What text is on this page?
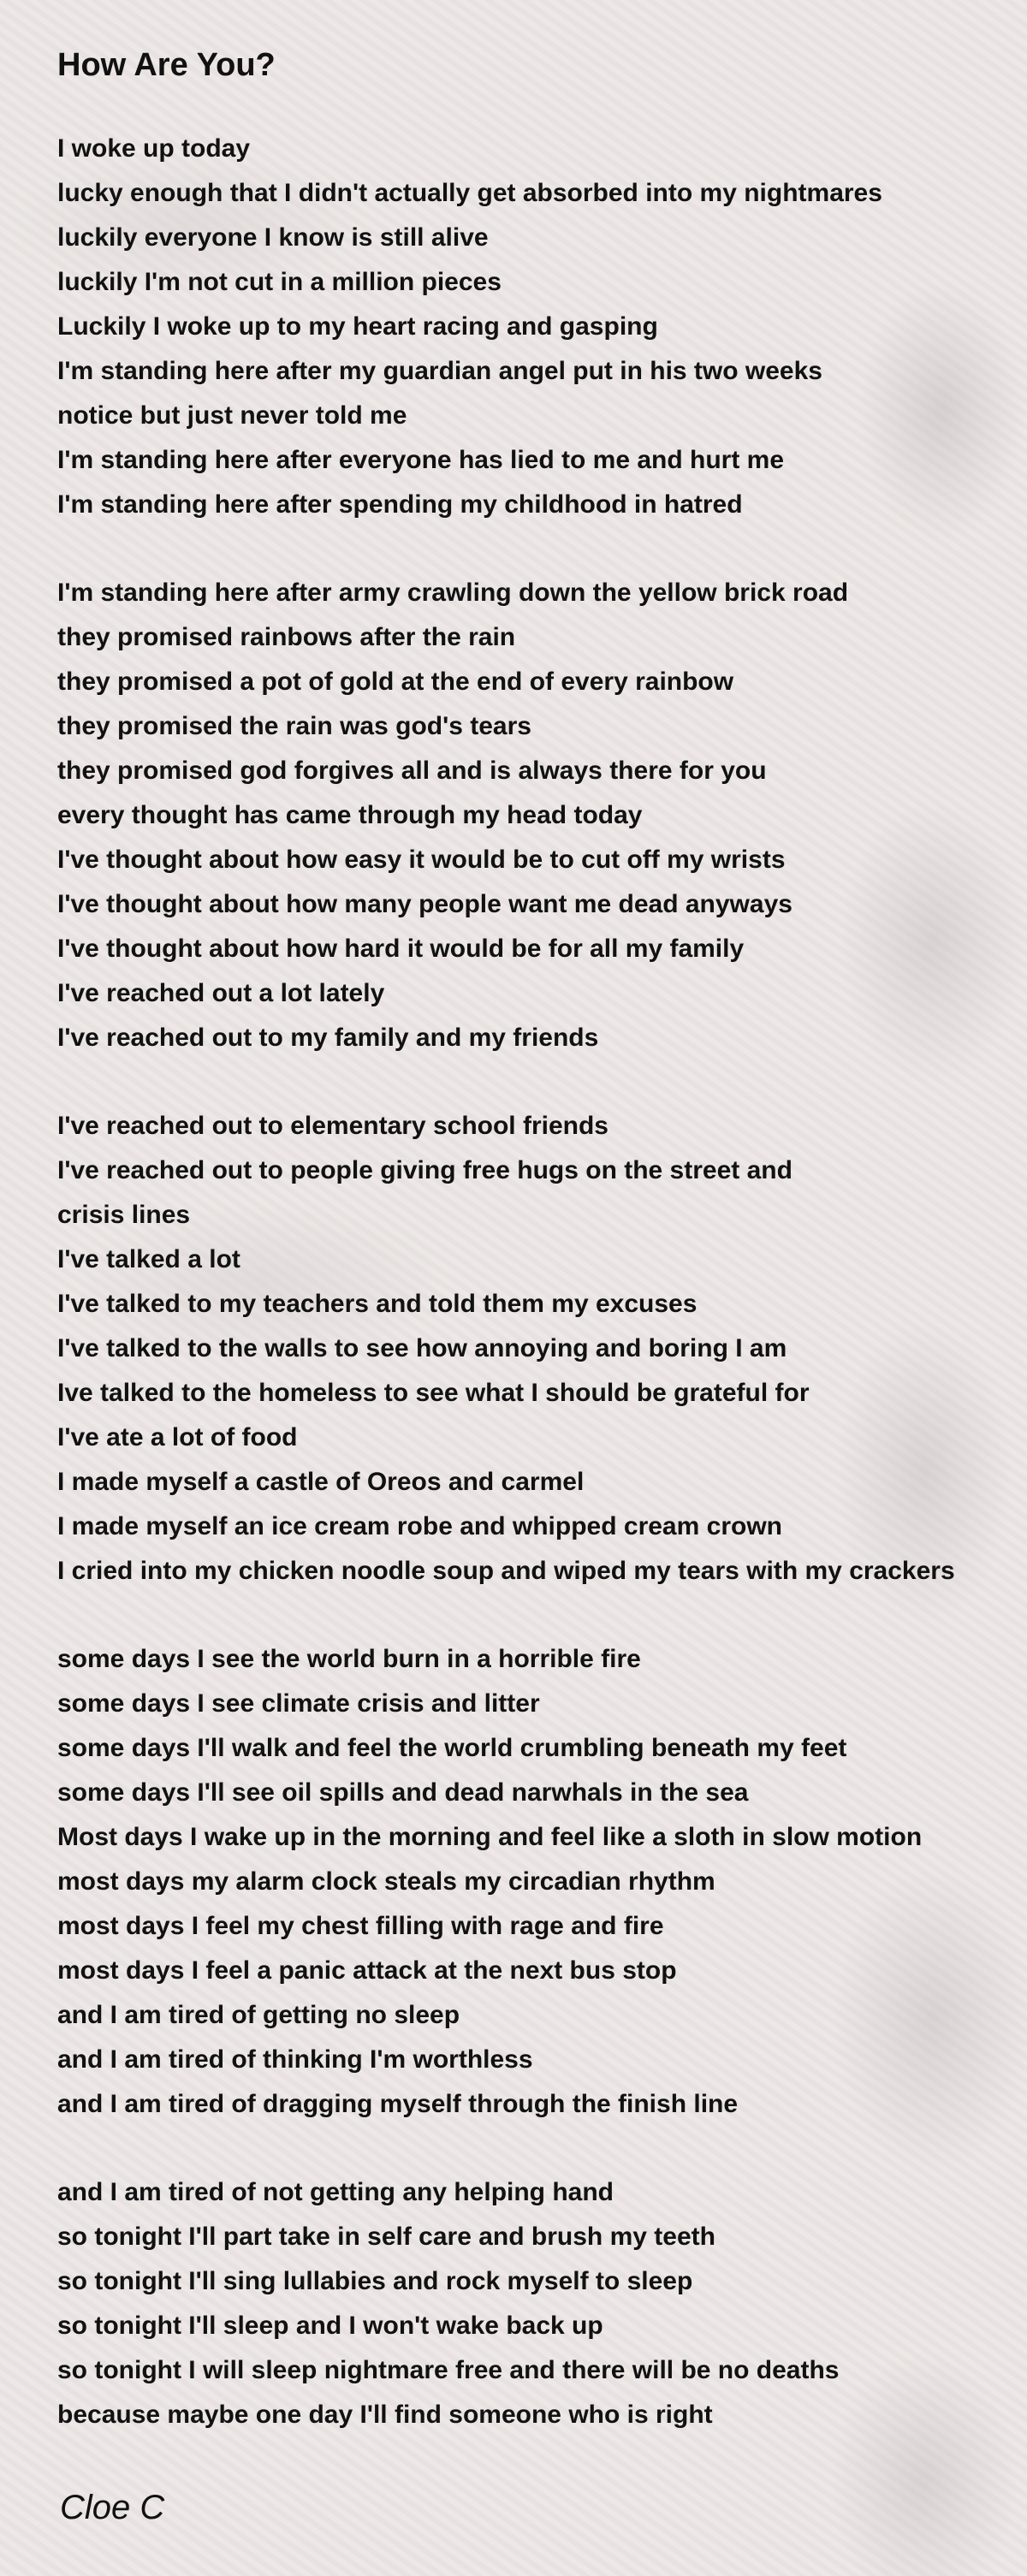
How Are You?
I woke up today
lucky enough that I didn't actually get absorbed into my nightmares
luckily everyone I know is still alive
luckily I'm not cut in a million pieces
Luckily I woke up to my heart racing and gasping
I'm standing here after my guardian angel put in his two weeks
notice but just never told me
I'm standing here after everyone has lied to me and hurt me
I'm standing here after spending my childhood in hatred
I'm standing here after army crawling down the yellow brick road
they promised rainbows after the rain
they promised a pot of gold at the end of every rainbow
they promised the rain was god's tears
they promised god forgives all and is always there for you
every thought has came through my head today
I've thought about how easy it would be to cut off my wrists
I've thought about how many people want me dead anyways
I've thought about how hard it would be for all my family
I've reached out a lot lately
I've reached out to my family and my friends
I've reached out to elementary school friends
I've reached out to people giving free hugs on the street and
crisis lines
I've talked a lot
I've talked to my teachers and told them my excuses
I've talked to the walls to see how annoying and boring I am
Ive talked to the homeless to see what I should be grateful for
I've ate a lot of food
I made myself a castle of Oreos and carmel
I made myself an ice cream robe and whipped cream crown
I cried into my chicken noodle soup and wiped my tears with my crackers
some days I see the world burn in a horrible fire
some days I see climate crisis and litter
some days I'll walk and feel the world crumbling beneath my feet
some days I'll see oil spills and dead narwhals in the sea
Most days I wake up in the morning and feel like a sloth in slow motion
most days my alarm clock steals my circadian rhythm
most days I feel my chest filling with rage and fire
most days I feel a panic attack at the next bus stop
and I am tired of getting no sleep
and I am tired of thinking I'm worthless
and I am tired of dragging myself through the finish line
and I am tired of not getting any helping hand
so tonight I'll part take in self care and brush my teeth
so tonight I'll sing lullabies and rock myself to sleep
so tonight I'll sleep and I won't wake back up
so tonight I will sleep nightmare free and there will be no deaths
because maybe one day I'll find someone who is right
Cloe C
